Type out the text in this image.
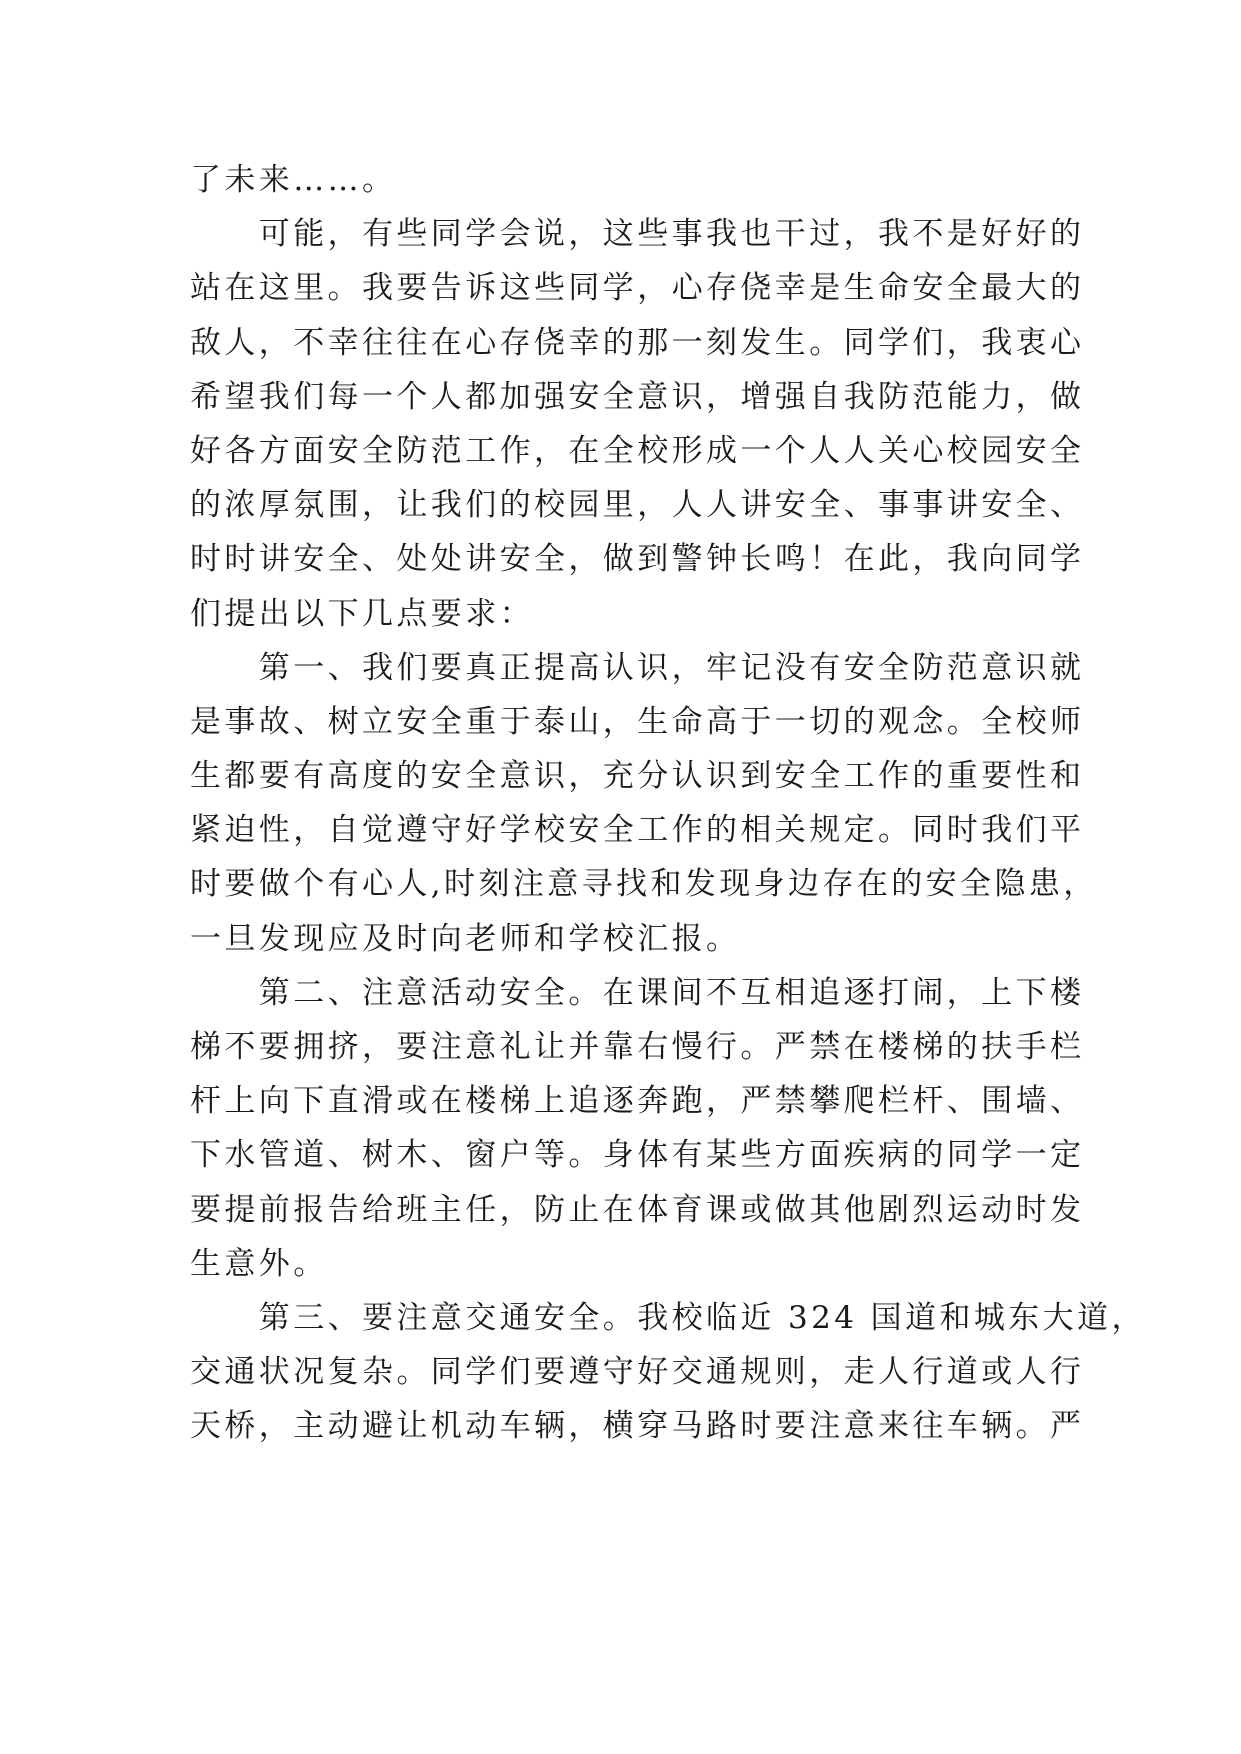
了未来……。
　　可能，有些同学会说，这些事我也干过，我不是好好的
站在这里。我要告诉这些同学，心存侥幸是生命安全最大的
敌人，不幸往往在心存侥幸的那一刻发生。同学们，我衷心
希望我们每一个人都加强安全意识，增强自我防范能力，做
好各方面安全防范工作，在全校形成一个人人关心校园安全
的浓厚氛围，让我们的校园里，人人讲安全、事事讲安全、
时时讲安全、处处讲安全，做到警钟长鸣！在此，我向同学
们提出以下几点要求：
　　第一、我们要真正提高认识，牢记没有安全防范意识就
是事故、树立安全重于泰山，生命高于一切的观念。全校师
生都要有高度的安全意识，充分认识到安全工作的重要性和
紧迫性，自觉遵守好学校安全工作的相关规定。同时我们平
时要做个有心人,时刻注意寻找和发现身边存在的安全隐患，
一旦发现应及时向老师和学校汇报。
　　第二、注意活动安全。在课间不互相追逐打闹，上下楼
梯不要拥挤，要注意礼让并靠右慢行。严禁在楼梯的扶手栏
杆上向下直滑或在楼梯上追逐奔跑，严禁攀爬栏杆、围墙、
下水管道、树木、窗户等。身体有某些方面疾病的同学一定
要提前报告给班主任，防止在体育课或做其他剧烈运动时发
生意外。
　　第三、要注意交通安全。我校临近 324 国道和城东大道，
交通状况复杂。同学们要遵守好交通规则，走人行道或人行
天桥，主动避让机动车辆，横穿马路时要注意来往车辆。严
